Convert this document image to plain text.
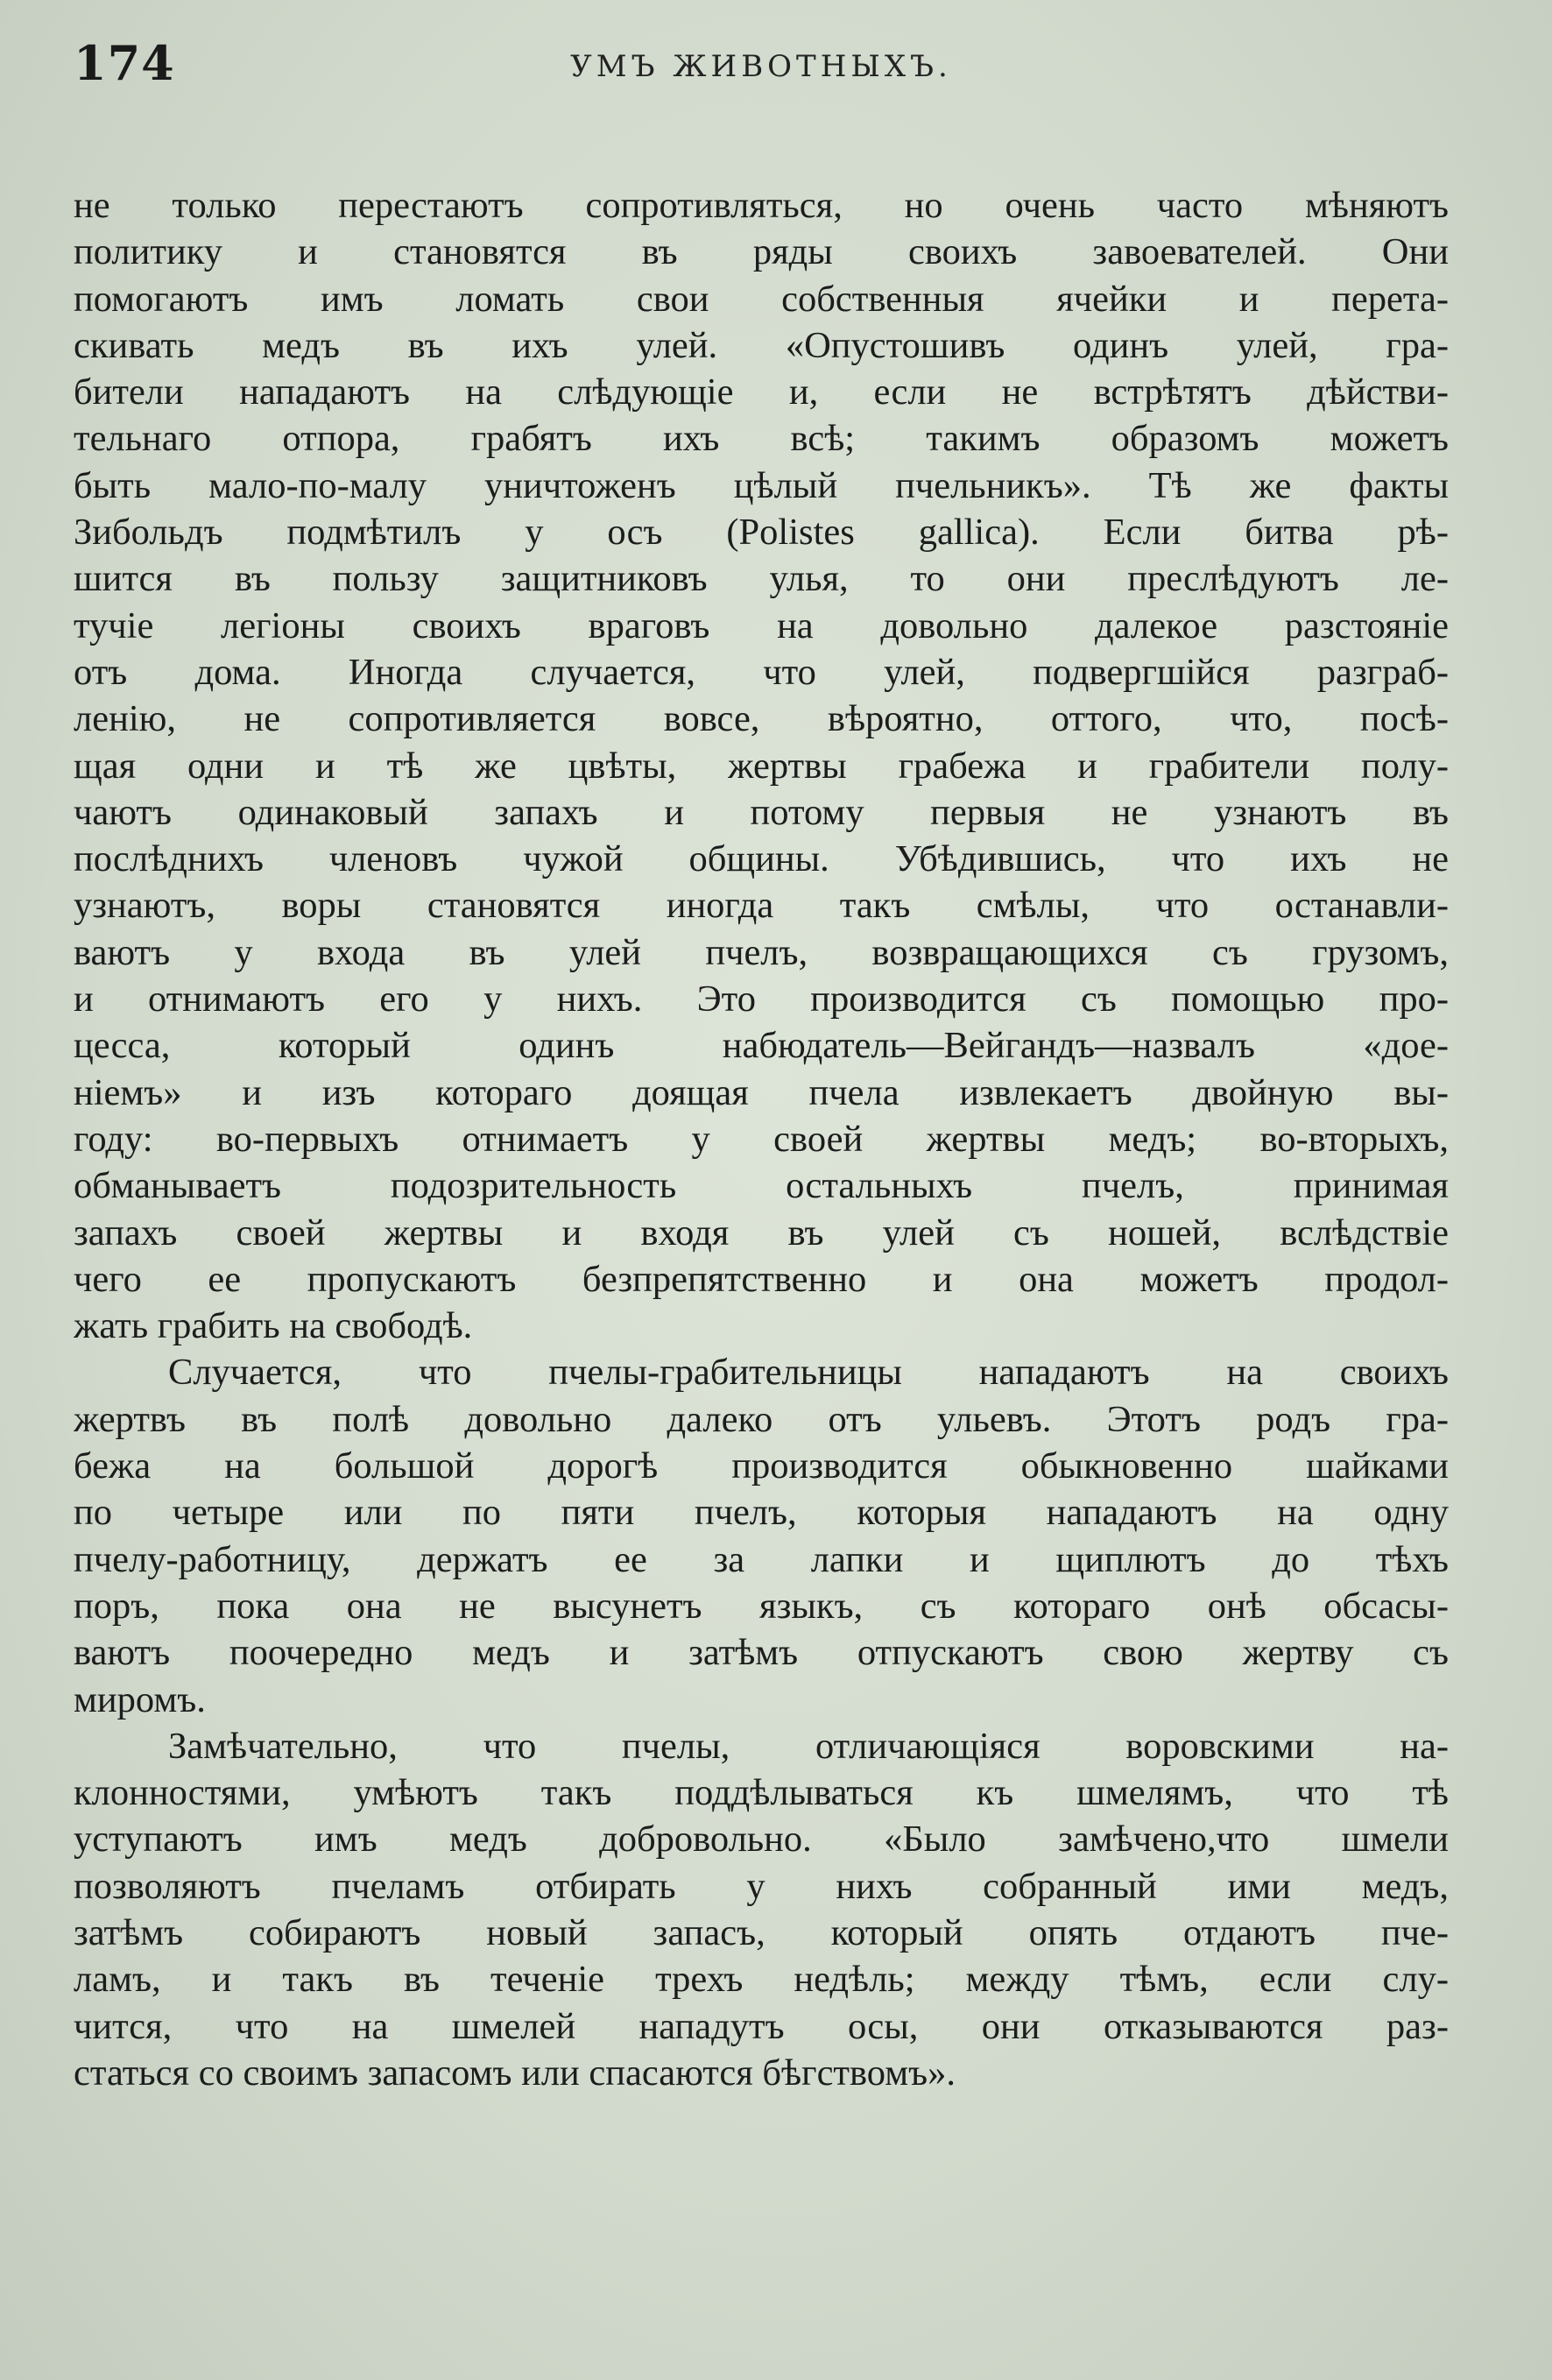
174	УМЪ ЖИВОТНЫХЪ.
не только перестаютъ сопротивляться, но очень часто мѣняютъ
политику и становятся въ ряды своихъ завоевателей. Они
помогаютъ имъ ломать свои собственныя ячейки и перета-
скивать медъ въ ихъ улей. «Опустошивъ одинъ улей, гра-
бители нападаютъ на слѣдующіе и, если не встрѣтятъ дѣйстви-
тельнаго отпора, грабятъ ихъ всѣ; такимъ образомъ можетъ
быть мало-по-малу уничтоженъ цѣлый пчельникъ». Тѣ же факты
Зибольдъ подмѣтилъ у осъ (Polistes gallica). Если битва рѣ-
шится въ пользу защитниковъ улья, то они преслѣдуютъ ле-
тучіе легіоны своихъ враговъ на довольно далекое разстояніе
отъ дома. Иногда случается, что улей, подвергшійся разграб-
ленію, не сопротивляется вовсе, вѣроятно, оттого, что, посѣ-
щая одни и тѣ же цвѣты, жертвы грабежа и грабители полу-
чаютъ одинаковый запахъ и потому первыя не узнаютъ въ
послѣднихъ членовъ чужой общины. Убѣдившись, что ихъ не
узнаютъ, воры становятся иногда такъ смѣлы, что останавли-
ваютъ у входа въ улей пчелъ, возвращающихся съ грузомъ,
и отнимаютъ его у нихъ. Это производится съ помощью про-
цесса, который одинъ набюдатель—Вейгандъ—назвалъ «дое-
ніемъ» и изъ котораго доящая пчела извлекаетъ двойную вы-
году: во-первыхъ отнимаетъ у своей жертвы медъ; во-вторыхъ,
обманываетъ подозрительность остальныхъ пчелъ, принимая
запахъ своей жертвы и входя въ улей съ ношей, вслѣдствіе
чего ее пропускаютъ безпрепятственно и она можетъ продол-
жать грабить на свободѣ.
Случается, что пчелы-грабительницы нападаютъ на своихъ
жертвъ въ полѣ довольно далеко отъ ульевъ. Этотъ родъ гра-
бежа на большой дорогѣ производится обыкновенно шайками
по четыре или по пяти пчелъ, которыя нападаютъ на одну
пчелу-работницу, держатъ ее за лапки и щиплютъ до тѣхъ
поръ, пока она не высунетъ языкъ, съ котораго онѣ обсасы-
ваютъ поочередно медъ и затѣмъ отпускаютъ свою жертву съ
миромъ.
Замѣчательно, что пчелы, отличающіяся воровскими на-
клонностями, умѣютъ такъ поддѣлываться къ шмелямъ, что тѣ
уступаютъ имъ медъ добровольно. «Было замѣчено,что шмели
позволяютъ пчеламъ отбирать у нихъ собранный ими медъ,
затѣмъ собираютъ новый запасъ, который опять отдаютъ пче-
ламъ, и такъ въ теченіе трехъ недѣль; между тѣмъ, если слу-
чится, что на шмелей нападутъ осы, они отказываются раз-
статься со своимъ запасомъ или спасаются бѣгствомъ».
